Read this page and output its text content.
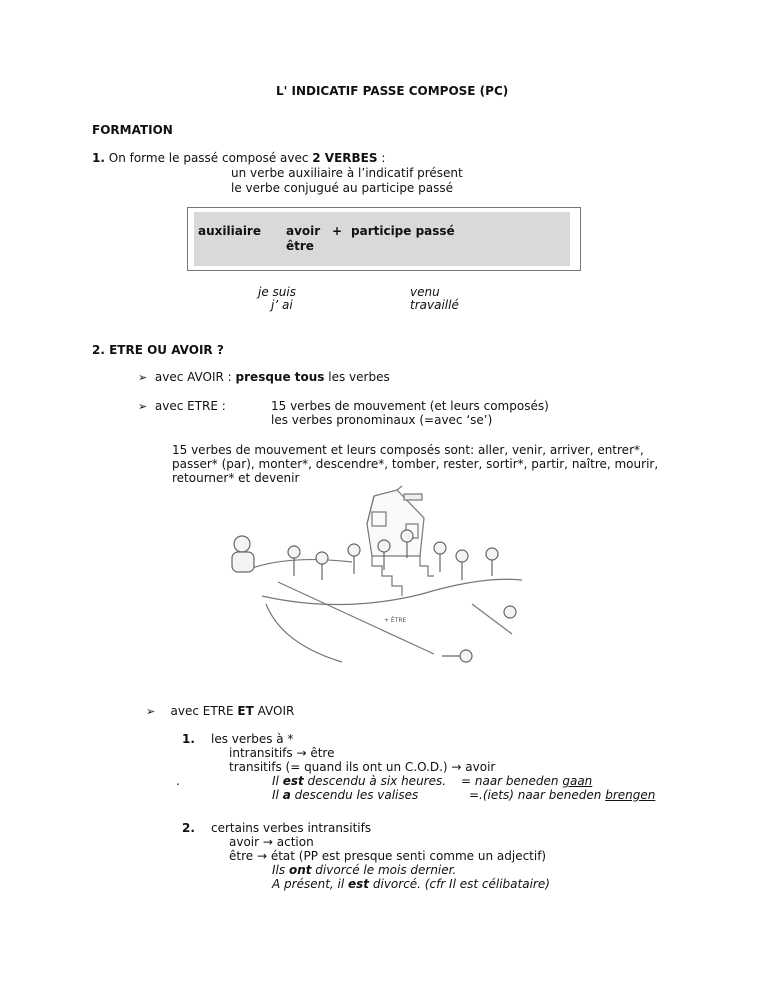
L' INDICATIF PASSE COMPOSE (PC)
FORMATION
1. On forme le passé composé avec 2 VERBES :
un verbe auxiliaire à l’indicatif présent
le verbe conjugué au participe passé
auxiliaire avoir + participe passé
être
je suis	venu
j’ ai	travaillé
2. ETRE OU AVOIR ?
➢ avec AVOIR : presque tous les verbes
➢ avec ETRE :	15 verbes de mouvement (et leurs composés)
les verbes pronominaux (=avec ‘se’)
15 verbes de mouvement et leurs composés sont: aller, venir, arriver, entrer*,
passer* (par), monter*, descendre*, tomber, rester, sortir*, partir, naître, mourir,
retourner* et devenir
+ ÊTRE
➢ avec ETRE ET AVOIR
1. les verbes à *
intransitifs → être
transitifs (= quand ils ont un C.O.D.) → avoir
.	Il est descendu à six heures. = naar beneden gaan
Il a descendu les valises	=.(iets) naar beneden brengen
2. certains verbes intransitifs
avoir → action
être → état (PP est presque senti comme un adjectif)
Ils ont divorcé le mois dernier.
A présent, il est divorcé. (cfr Il est célibataire)
